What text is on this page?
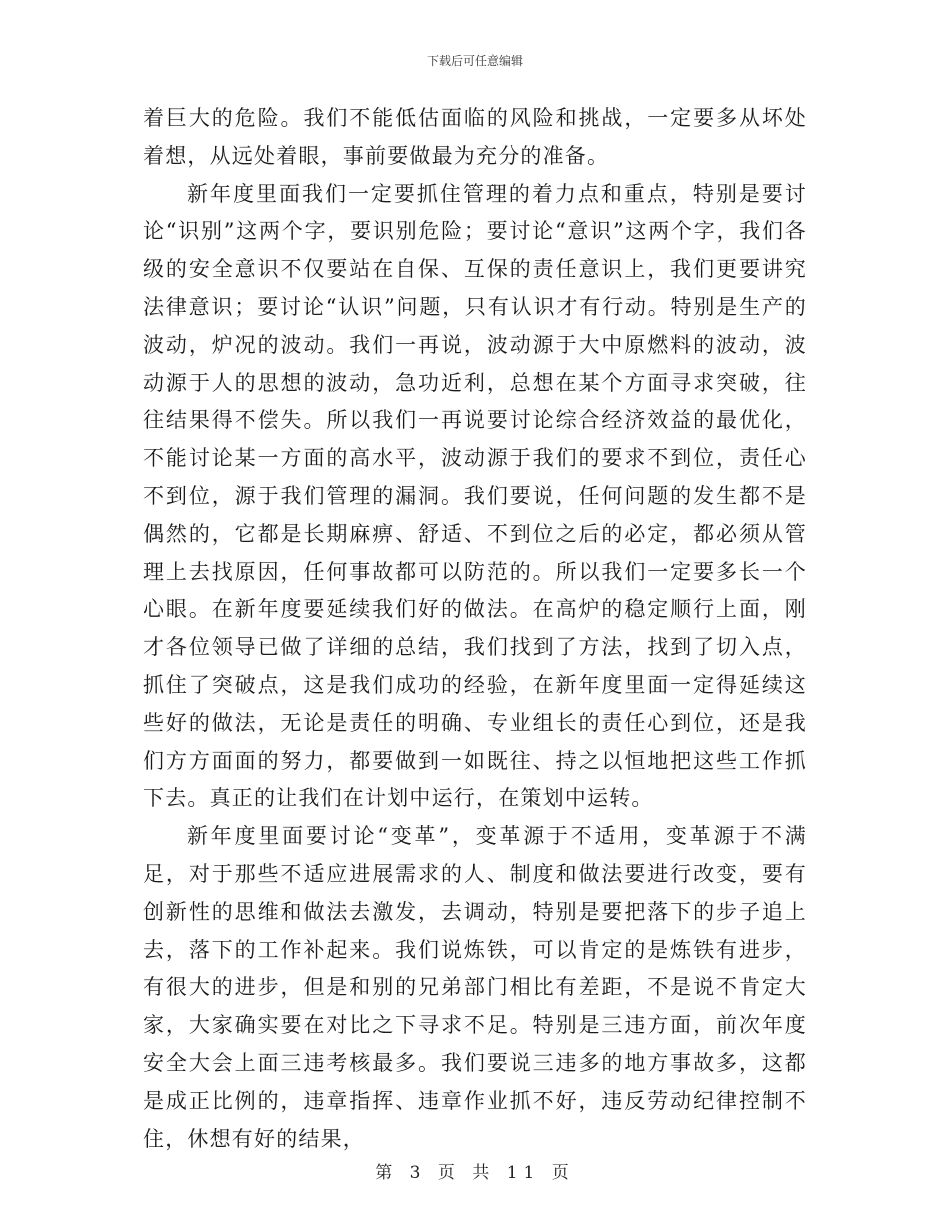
下载后可任意编辑

着巨大的危险。我们不能低估面临的风险和挑战，一定要多从坏处着想，从远处着眼，事前要做最为充分的准备。

新年度里面我们一定要抓住管理的着力点和重点，特别是要讨论“识别”这两个字，要识别危险；要讨论“意识”这两个字，我们各级的安全意识不仅要站在自保、互保的责任意识上，我们更要讲究法律意识；要讨论“认识”问题，只有认识才有行动。特别是生产的波动，炉况的波动。我们一再说，波动源于大中原燃料的波动，波动源于人的思想的波动，急功近利，总想在某个方面寻求突破，往往结果得不偿失。所以我们一再说要讨论综合经济效益的最优化，不能讨论某一方面的高水平，波动源于我们的要求不到位，责任心不到位，源于我们管理的漏洞。我们要说，任何问题的发生都不是偶然的，它都是长期麻痹、舒适、不到位之后的必定，都必须从管理上去找原因，任何事故都可以防范的。所以我们一定要多长一个心眼。在新年度要延续我们好的做法。在高炉的稳定顺行上面，刚才各位领导已做了详细的总结，我们找到了方法，找到了切入点，抓住了突破点，这是我们成功的经验，在新年度里面一定得延续这些好的做法，无论是责任的明确、专业组长的责任心到位，还是我们方方面面的努力，都要做到一如既往、持之以恒地把这些工作抓下去。真正的让我们在计划中运行，在策划中运转。

新年度里面要讨论“变革”，变革源于不适用，变革源于不满足，对于那些不适应进展需求的人、制度和做法要进行改变，要有创新性的思维和做法去激发，去调动，特别是要把落下的步子追上去，落下的工作补起来。我们说炼铁，可以肯定的是炼铁有进步，有很大的进步，但是和别的兄弟部门相比有差距，不是说不肯定大家，大家确实要在对比之下寻求不足。特别是三违方面，前次年度安全大会上面三违考核最多。我们要说三违多的地方事故多，这都是成正比例的，违章指挥、违章作业抓不好，违反劳动纪律控制不住，休想有好的结果，

第 3 页 共 11 页
